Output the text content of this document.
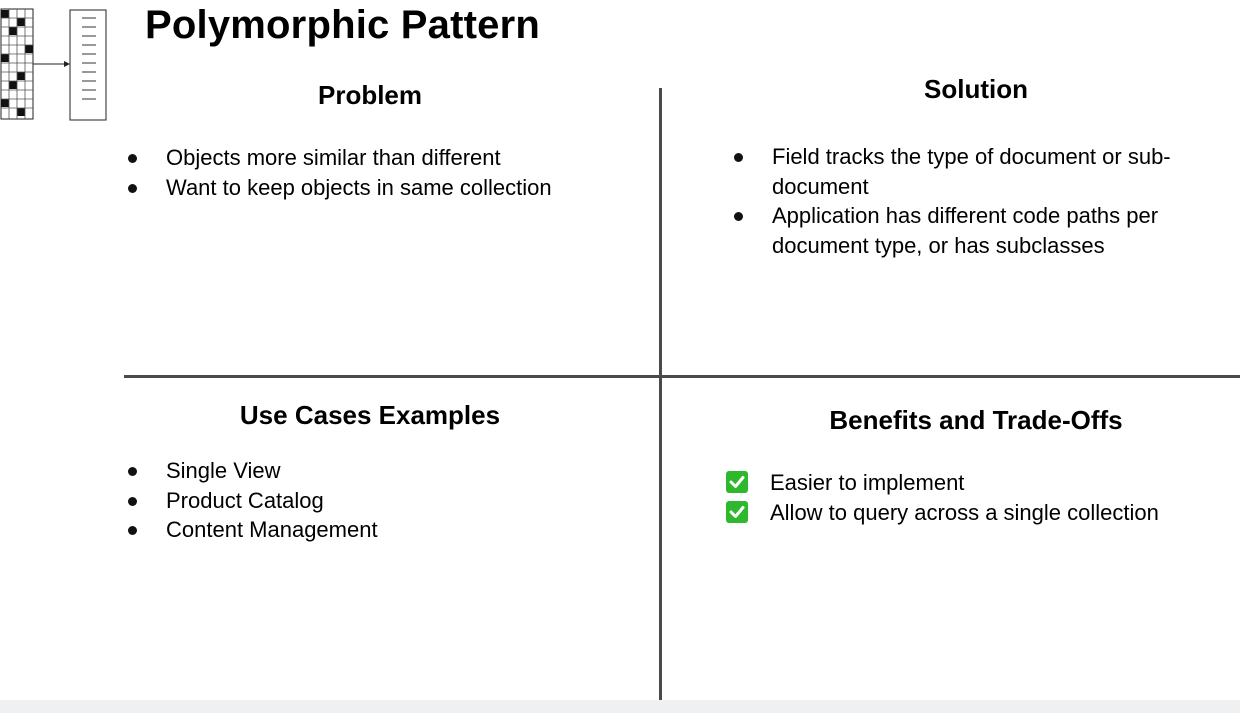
Polymorphic Pattern
Problem
Objects more similar than different
Want to keep objects in same collection
Solution
Field tracks the type of document or sub-document
Application has different code paths per document type, or has subclasses
Use Cases Examples
Single View
Product Catalog
Content Management
Benefits and Trade-Offs
Easier to implement
Allow to query across a single collection
